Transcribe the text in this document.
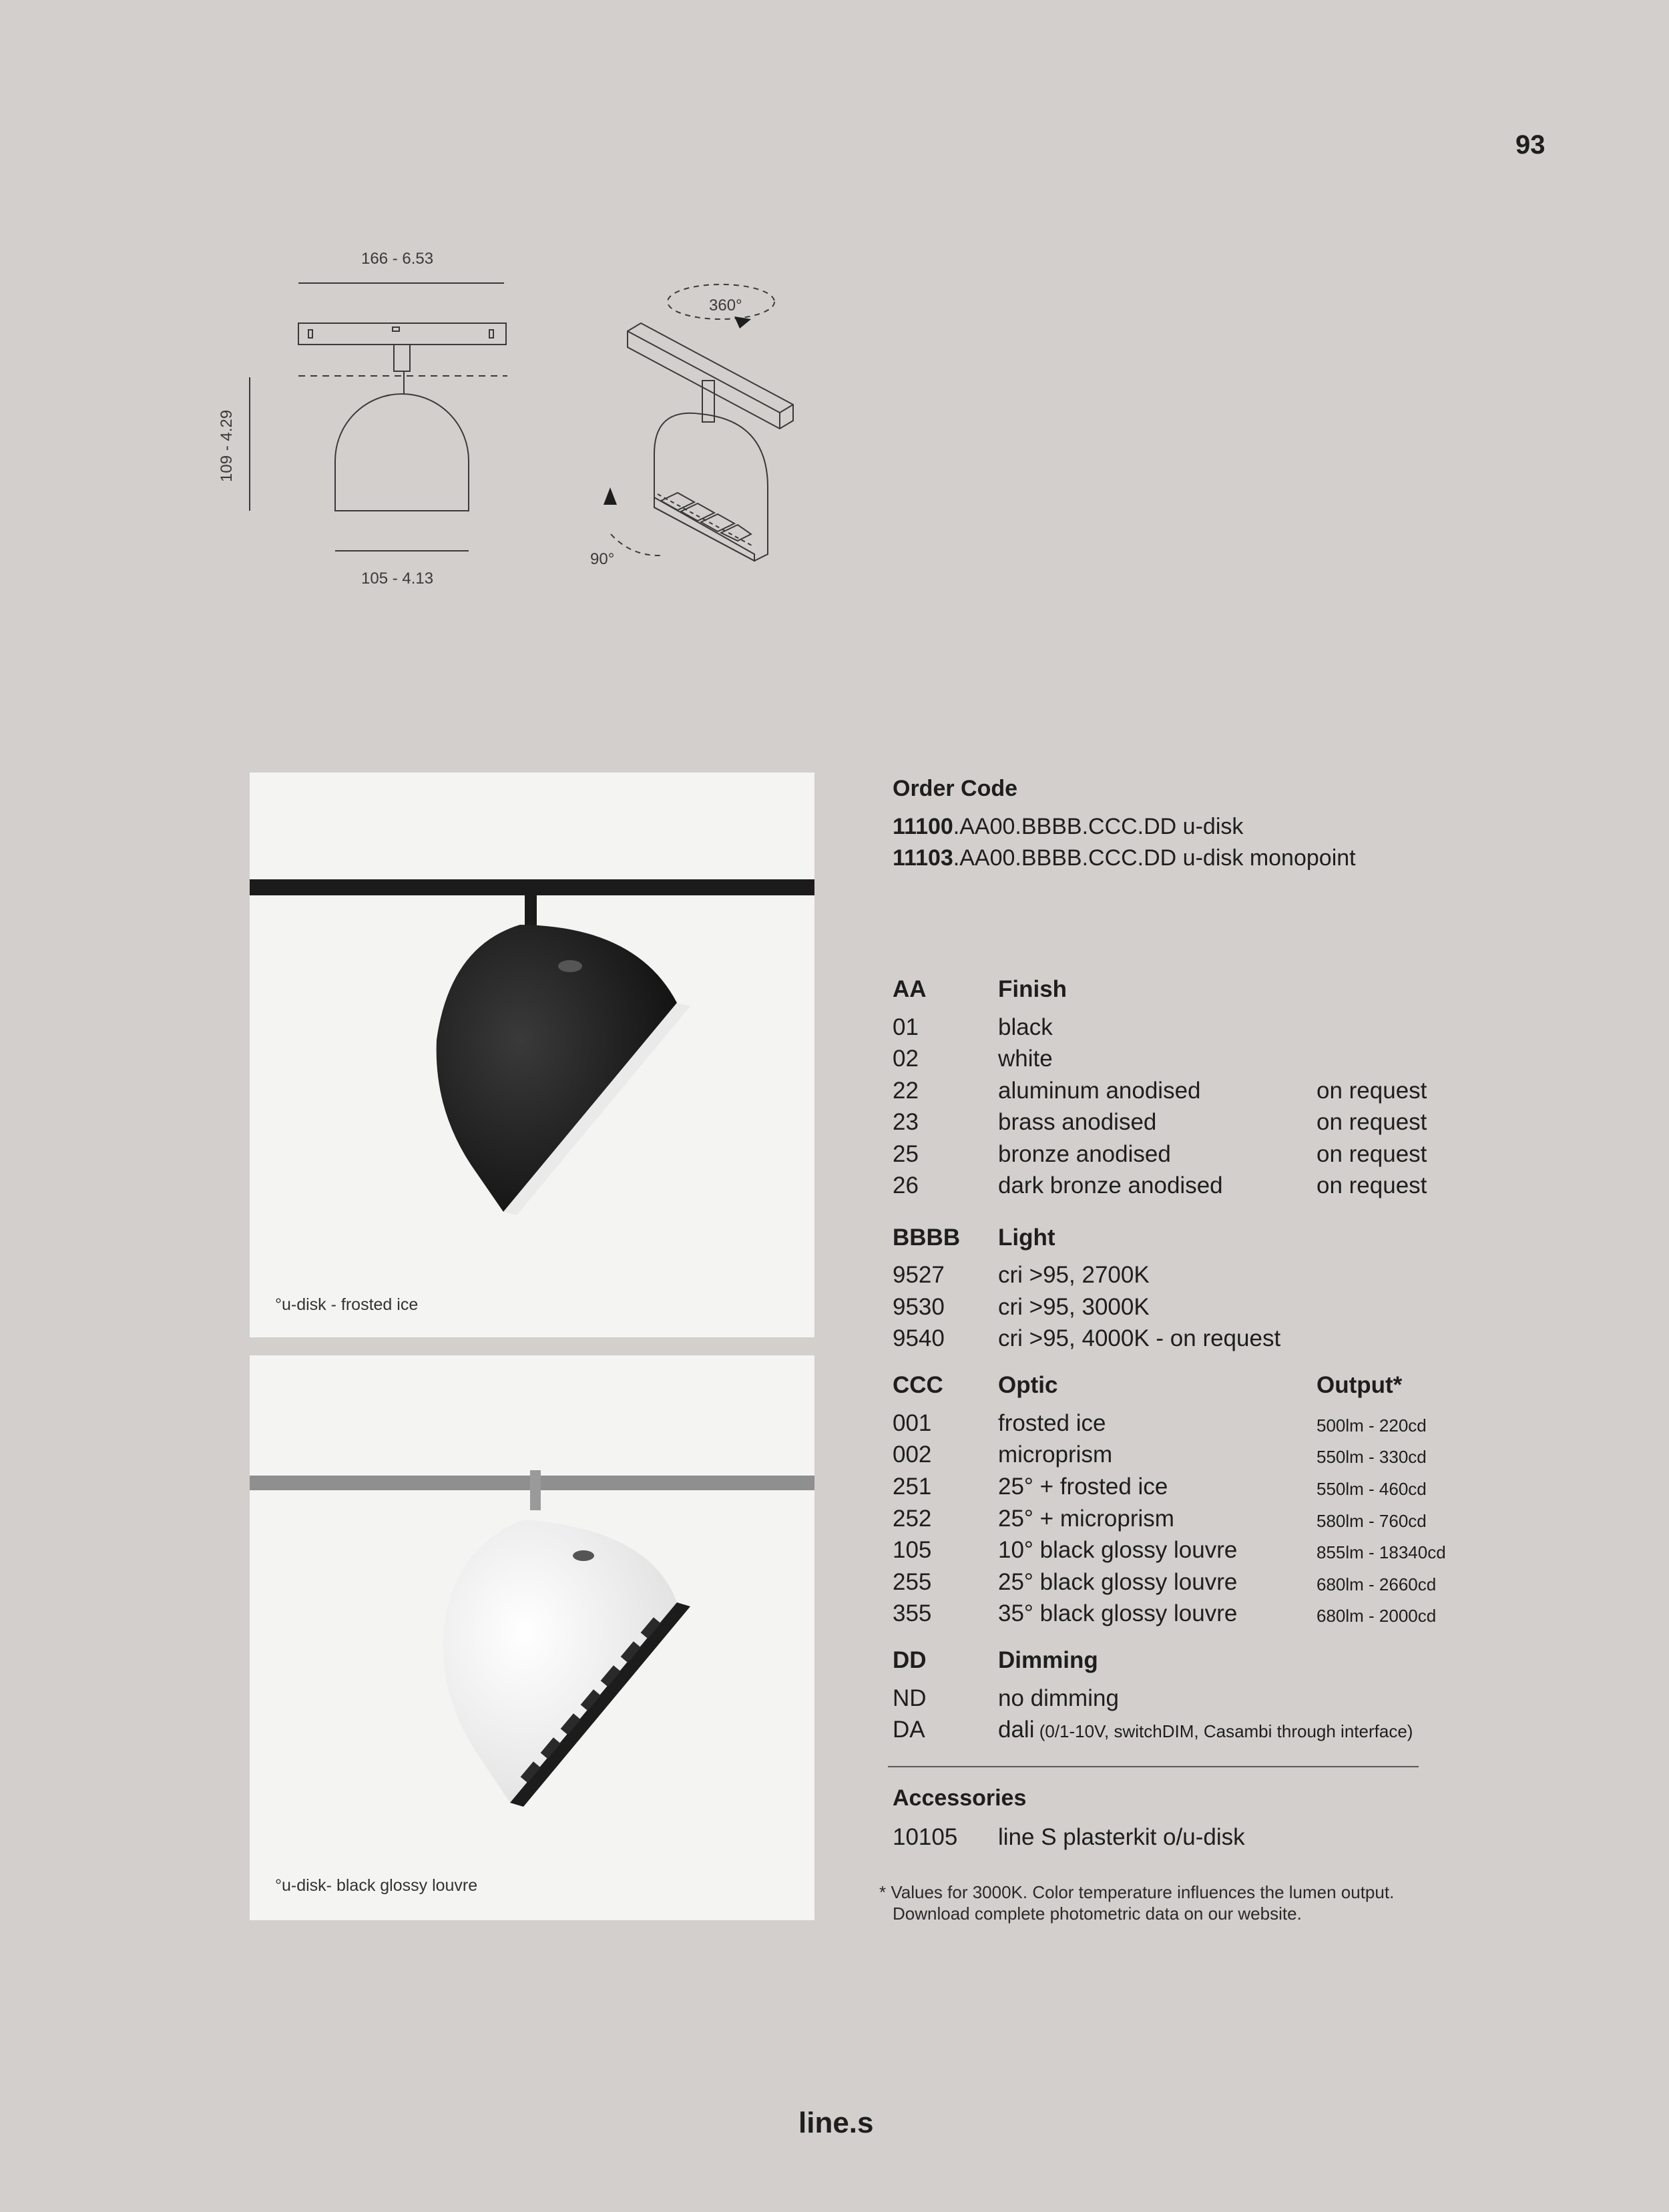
93
166 - 6.53
109 - 4.29
105 - 4.13
360°
90°
°u-disk - frosted ice
°u-disk- black glossy louvre
Order Code
11100.AA00.BBBB.CCC.DD u-disk
11103.AA00.BBBB.CCC.DD u-disk monopoint
AA	Finish
01	black
02	white
22	aluminum anodised	on request
23	brass anodised	on request
25	bronze anodised	on request
26	dark bronze anodised	on request
BBBB Light
9527 cri >95, 2700K
9530 cri >95, 3000K
9540 cri >95, 4000K - on request
CCC Optic	Output*
001	frosted ice	500lm - 220cd
002	microprism	550lm - 330cd
251	25° + frosted ice	550lm - 460cd
252	25° + microprism	580lm - 760cd
105	10° black glossy louvre	855lm - 18340cd
255	25° black glossy louvre	680lm - 2660cd
355	35° black glossy louvre	680lm - 2000cd
DD	Dimming
ND	no dimming
DA	dali (0/1-10V, switchDIM, Casambi through interface)
Accessories
10105 line S plasterkit o/u-disk
* Values for 3000K. Color temperature influences the lumen output.
Download complete photometric data on our website.
line.s
